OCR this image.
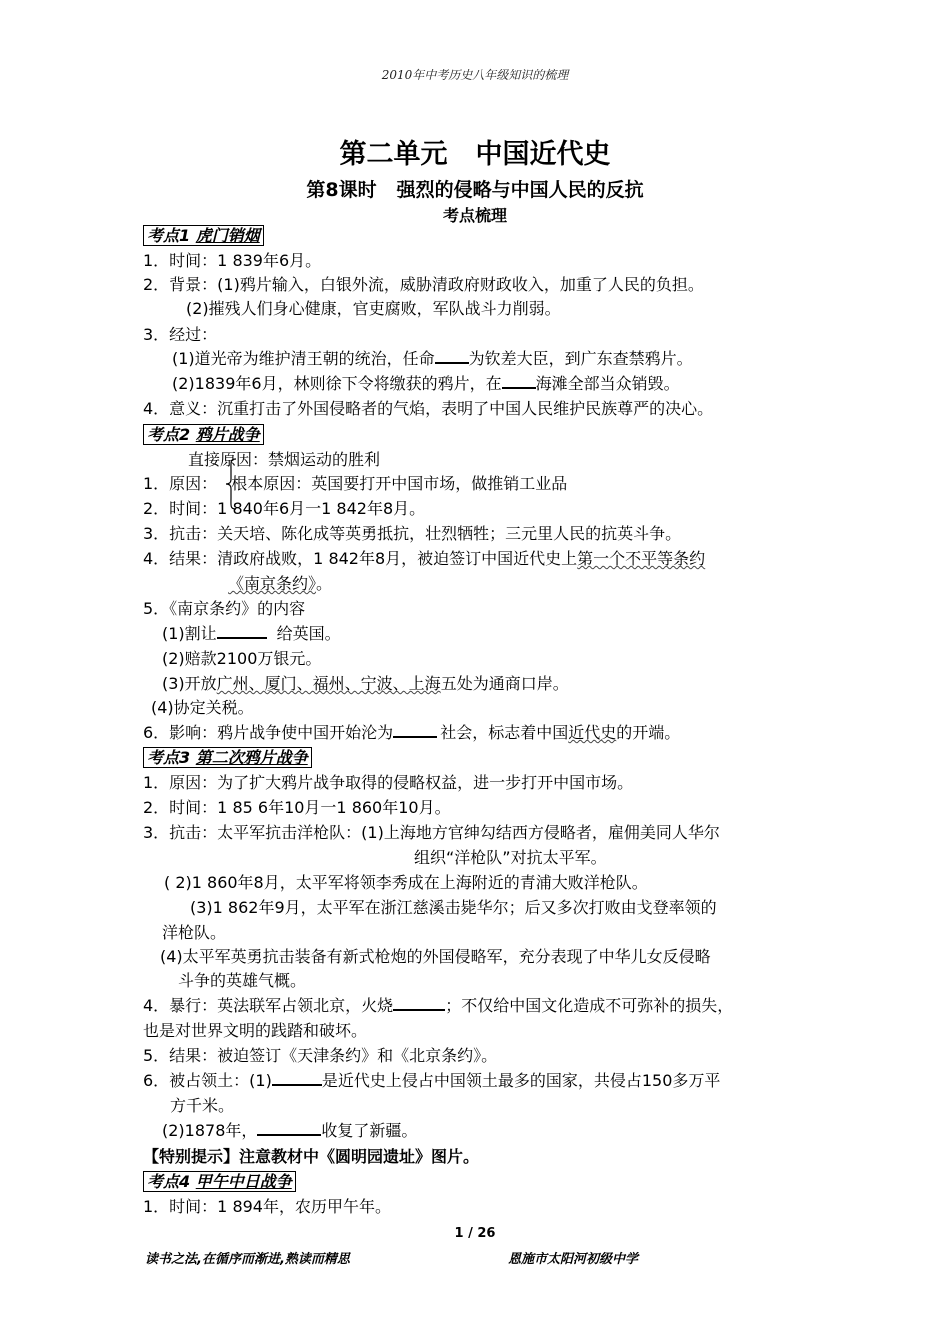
2010年中考历史八年级知识的梳理
第二单元 中国近代史
第8课时 强烈的侵略与中国人民的反抗
考点梳理
考点1 虎门销烟
1．时间：1 839年6月。
2．背景：(1)鸦片输入，白银外流，威胁清政府财政收入，加重了人民的负担。
(2)摧残人们身心健康，官吏腐败，军队战斗力削弱。
3．经过：
(1)道光帝为维护清王朝的统治，任命 为钦差大臣，到广东查禁鸦片。
(2)1839年6月，林则徐下令将缴获的鸦片，在 海滩全部当众销毁。
4．意义：沉重打击了外国侵略者的气焰，表明了中国人民维护民族尊严的决心。
考点2 鸦片战争
直接原因：禁烟运动的胜利
1．原因： 根本原因：英国要打开中国市场，做推销工业品
2．时间：1 840年6月一1 842年8月。
3．抗击：关天培、陈化成等英勇抵抗，壮烈牺牲；三元里人民的抗英斗争。
4．结果：清政府战败，1 842年8月，被迫签订中国近代史上第一个不平等条约
《南京条约》。
5．《南京条约》的内容
(1)割让	给英国。
(2)赔款2100万银元。
(3)开放广州、厦门、福州、宁波、上海五处为通商口岸。
(4)协定关税。
6．影响：鸦片战争使中国开始沦为	社会，标志着中国近代史的开端。
考点3 第二次鸦片战争
1．原因：为了扩大鸦片战争取得的侵略权益，进一步打开中国市场。
2．时间：1 85 6年10月一1 860年10月。
3．抗击：太平军抗击洋枪队：(1)上海地方官绅勾结西方侵略者，雇佣美同人华尔
组织“洋枪队”对抗太平军。
( 2)1 860年8月，太平军将领李秀成在上海附近的青浦大败洋枪队。
(3)1 862年9月，太平军在浙江慈溪击毙华尔；后又多次打败由戈登率领的
洋枪队。
(4)太平军英勇抗击装备有新式枪炮的外国侵略军，充分表现了中华儿女反侵略
斗争的英雄气概。
4．暴行：英法联军占领北京，火烧	；不仅给中国文化造成不可弥补的损失，
也是对世界文明的践踏和破坏。
5．结果：被迫签订《天津条约》和《北京条约》。
6．被占领土：(1)	是近代史上侵占中国领土最多的国家，共侵占150多万平
方千米。
(2)1878年，	收复了新疆。
【特别提示】注意教材中《圆明园遗址》图片。
考点4 甲午中日战争
1．时间：1 894年，农历甲午年。
1 / 26
读书之法,在循序而渐进,熟读而精思	恩施市太阳河初级中学
